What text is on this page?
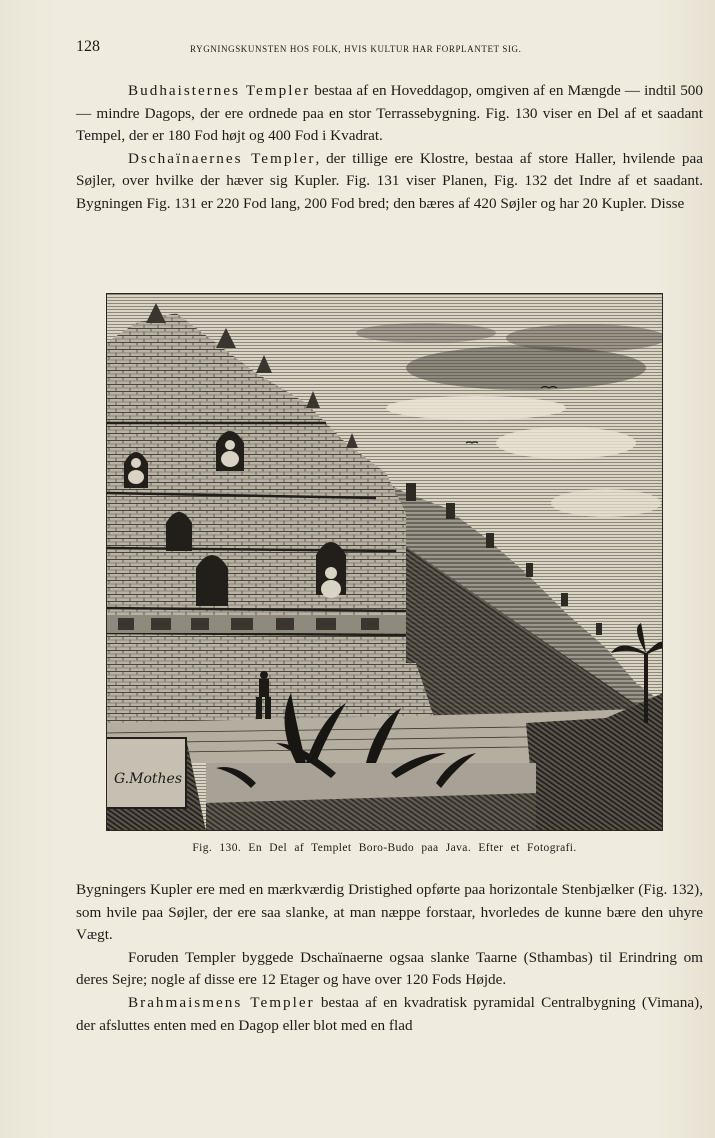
128	RYGNINGSKUNSTEN HOS FOLK, HVIS KULTUR HAR FORPLANTET SIG.

Budhaisternes Templer bestaa af en Hoveddagop, omgiven af en Mængde — indtil 500 — mindre Dagops, der ere ordnede paa en stor Terrassebygning. Fig. 130 viser en Del af et saadant Tempel, der er 180 Fod højt og 400 Fod i Kvadrat.

Dschaïnaernes Templer, der tillige ere Klostre, bestaa af store Haller, hvilende paa Søjler, over hvilke der hæver sig Kupler. Fig. 131 viser Planen, Fig. 132 det Indre af et saadant. Bygningen Fig. 131 er 220 Fod lang, 200 Fod bred; den bæres af 420 Søjler og har 20 Kupler. Disse

G.Mothes
Fig. 130. En Del af Templet Boro-Budo paa Java. Efter et Fotografi.

Bygningers Kupler ere med en mærkværdig Dristighed opførte paa horizontale Stenbjælker (Fig. 132), som hvile paa Søjler, der ere saa slanke, at man næppe forstaar, hvorledes de kunne bære den uhyre Vægt.

Foruden Templer byggede Dschaïnaerne ogsaa slanke Taarne (Sthambas) til Erindring om deres Sejre; nogle af disse ere 12 Etager og have over 120 Fods Højde.

Brahmaismens Templer bestaa af en kvadratisk pyramidal Centralbygning (Vimana), der afsluttes enten med en Dagop eller blot med en flad
